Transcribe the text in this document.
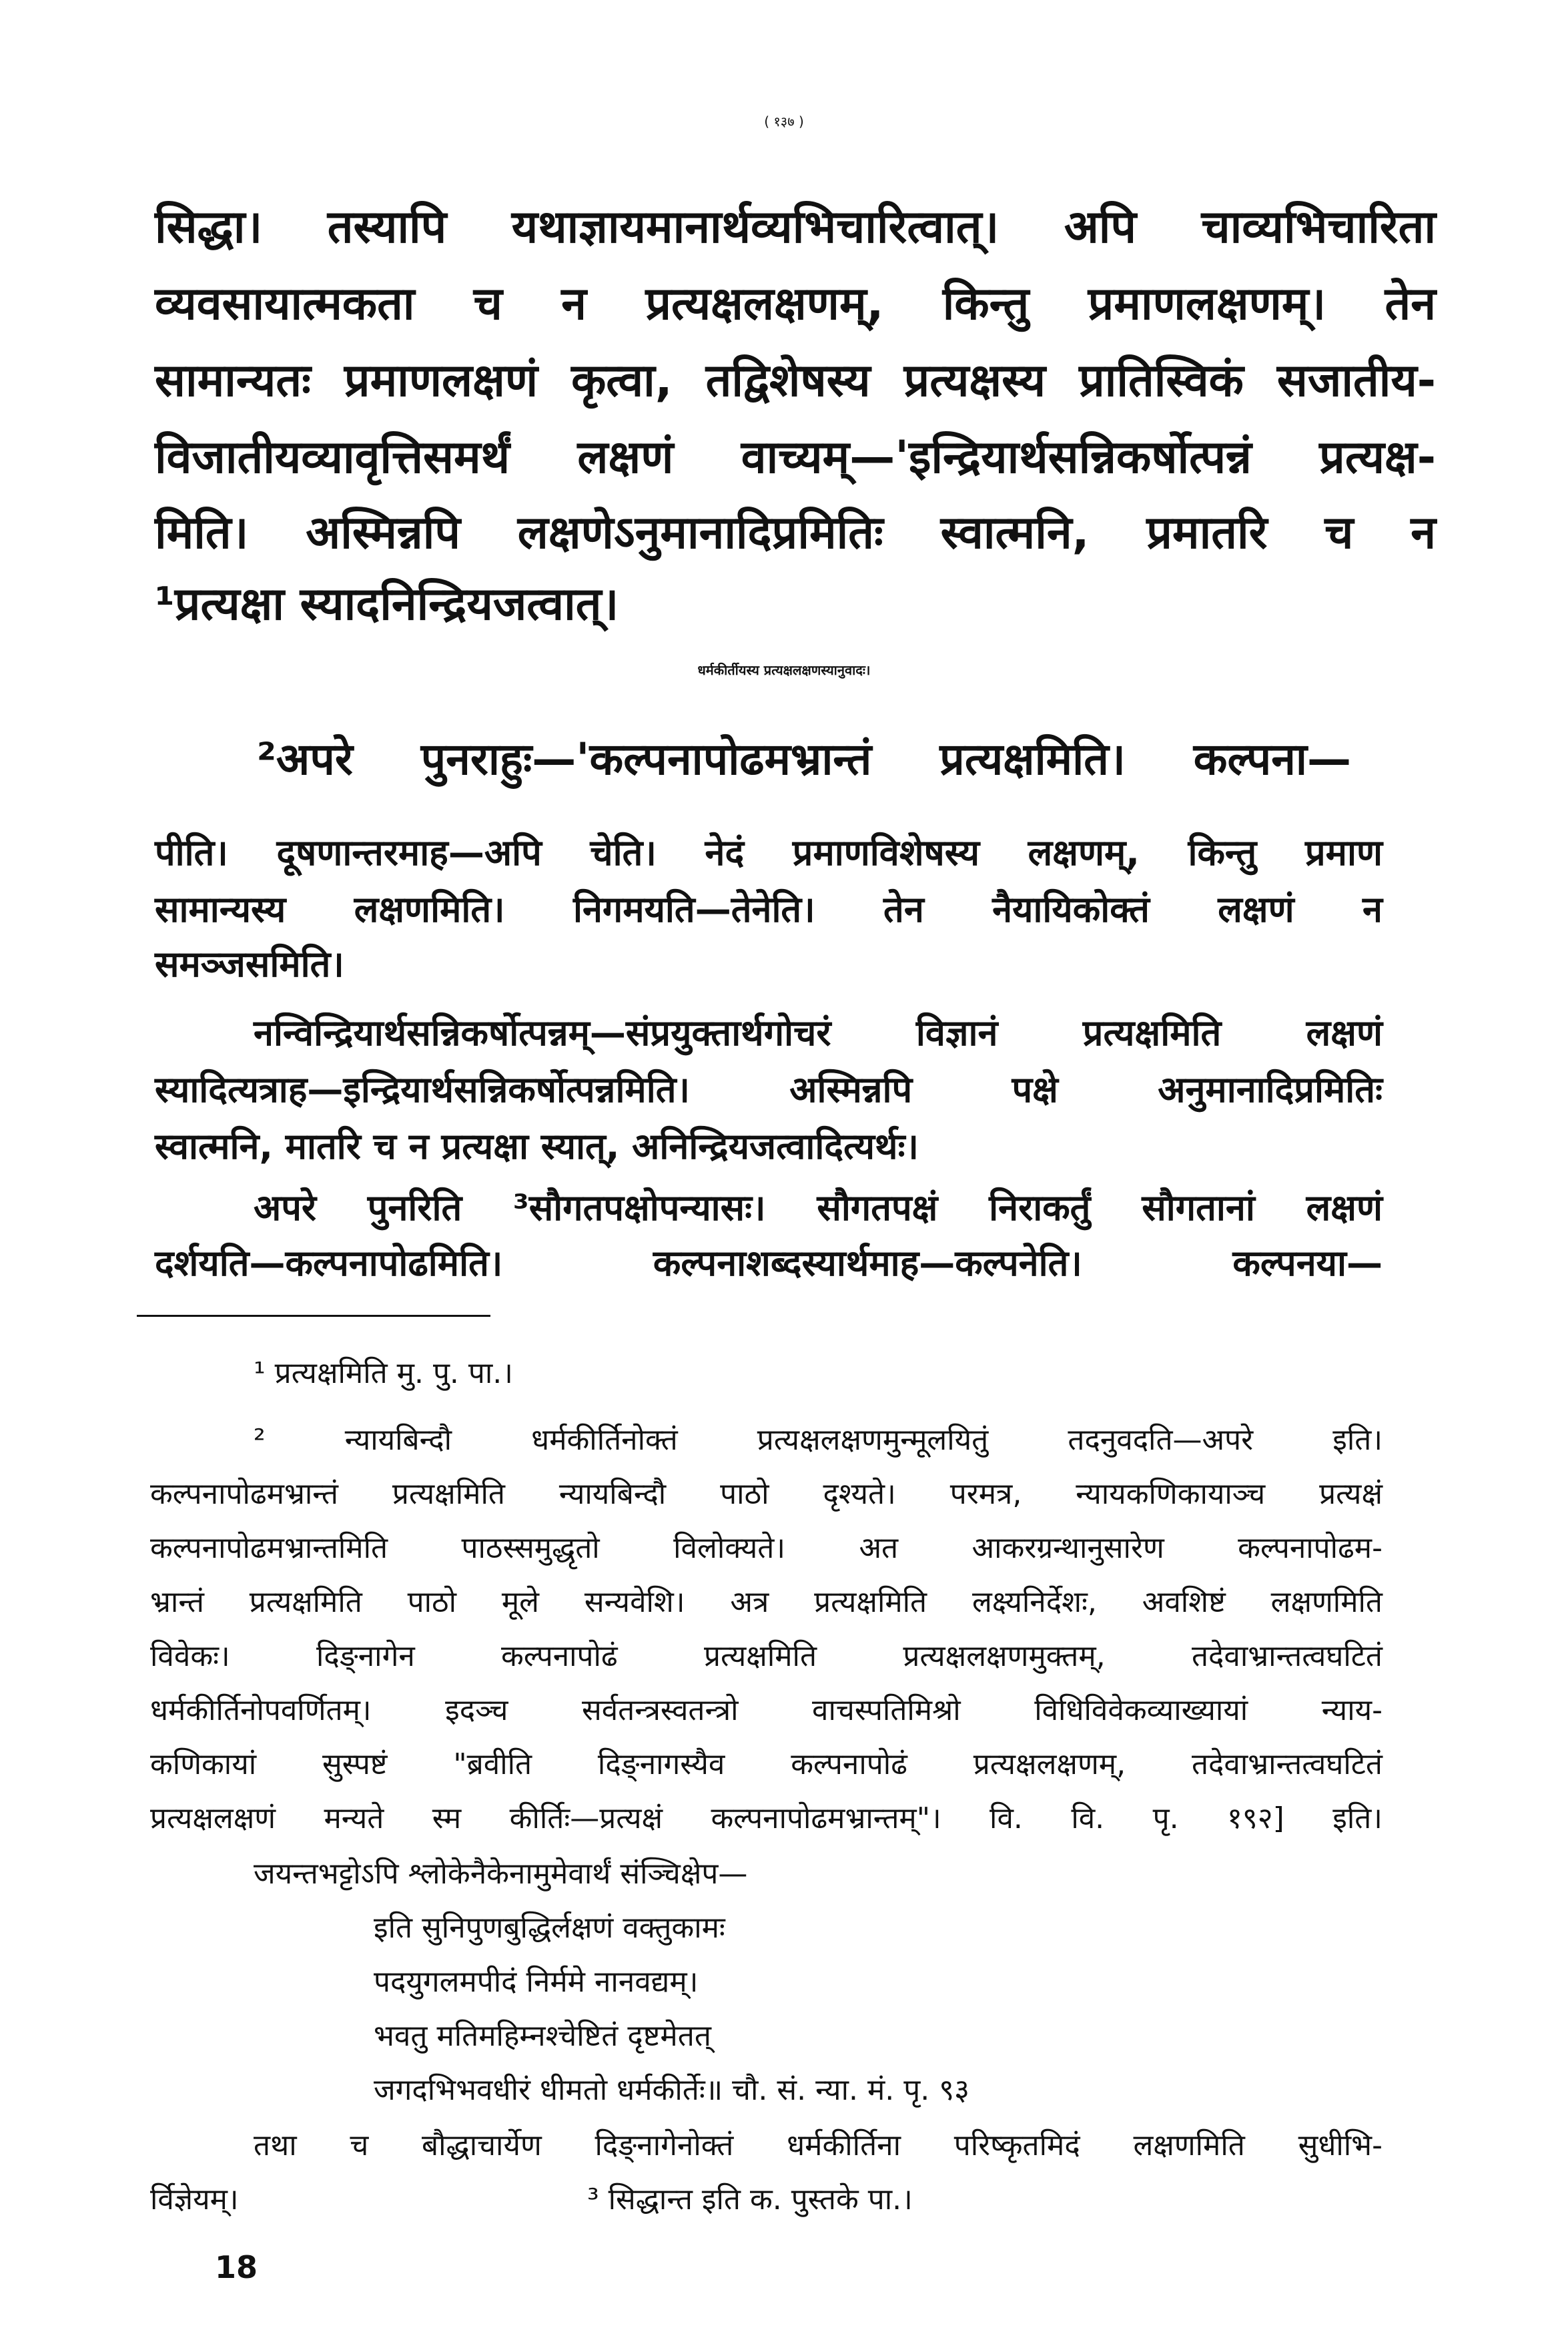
( १३७ )
सिद्धा। तस्यापि यथाज्ञायमानार्थव्यभिचारित्वात्। अपि चाव्यभिचारिता
व्यवसायात्मकता च न प्रत्यक्षलक्षणम्, किन्तु प्रमाणलक्षणम्। तेन
सामान्यतः प्रमाणलक्षणं कृत्वा, तद्विशेषस्य प्रत्यक्षस्य प्रातिस्विकं सजातीय-
विजातीयव्यावृत्तिसमर्थं लक्षणं वाच्यम्—'इन्द्रियार्थसन्निकर्षोत्पन्नं प्रत्यक्ष-
मिति। अस्मिन्नपि लक्षणेऽनुमानादिप्रमितिः स्वात्मनि, प्रमातरि च न
¹प्रत्यक्षा स्यादनिन्द्रियजत्वात्।
धर्मकीर्तीयस्य प्रत्यक्षलक्षणस्यानुवादः।
²अपरे पुनराहुः—'कल्पनापोढमभ्रान्तं प्रत्यक्षमिति। कल्पना—
पीति। दूषणान्तरमाह—अपि चेति। नेदं प्रमाणविशेषस्य लक्षणम्, किन्तु प्रमाण
सामान्यस्य लक्षणमिति। निगमयति—तेनेति। तेन नैयायिकोक्तं लक्षणं न
समञ्जसमिति।
नन्विन्द्रियार्थसन्निकर्षोत्पन्नम्—संप्रयुक्तार्थगोचरं विज्ञानं प्रत्यक्षमिति लक्षणं
स्यादित्यत्राह—इन्द्रियार्थसन्निकर्षोत्पन्नमिति। अस्मिन्नपि पक्षे अनुमानादिप्रमितिः
स्वात्मनि, मातरि च न प्रत्यक्षा स्यात्, अनिन्द्रियजत्वादित्यर्थः।
अपरे पुनरिति ³सौगतपक्षोपन्यासः। सौगतपक्षं निराकर्तुं सौगतानां लक्षणं
दर्शयति—कल्पनापोढमिति। कल्पनाशब्दस्यार्थमाह—कल्पनेति। कल्पनया—
¹ प्रत्यक्षमिति मु. पु. पा.।
² न्यायबिन्दौ धर्मकीर्तिनोक्तं प्रत्यक्षलक्षणमुन्मूलयितुं तदनुवदति—अपरे इति।
कल्पनापोढमभ्रान्तं प्रत्यक्षमिति न्यायबिन्दौ पाठो दृश्यते। परमत्र, न्यायकणिकायाञ्च प्रत्यक्षं
कल्पनापोढमभ्रान्तमिति पाठस्समुद्धृतो विलोक्यते। अत आकरग्रन्थानुसारेण कल्पनापोढम-
भ्रान्तं प्रत्यक्षमिति पाठो मूले सन्यवेशि। अत्र प्रत्यक्षमिति लक्ष्यनिर्देशः, अवशिष्टं लक्षणमिति
विवेकः। दिङ्नागेन कल्पनापोढं प्रत्यक्षमिति प्रत्यक्षलक्षणमुक्तम्, तदेवाभ्रान्तत्वघटितं
धर्मकीर्तिनोपवर्णितम्। इदञ्च सर्वतन्त्रस्वतन्त्रो वाचस्पतिमिश्रो विधिविवेकव्याख्यायां न्याय-
कणिकायां सुस्पष्टं "ब्रवीति दिङ्नागस्यैव कल्पनापोढं प्रत्यक्षलक्षणम्, तदेवाभ्रान्तत्वघटितं
प्रत्यक्षलक्षणं मन्यते स्म कीर्तिः—प्रत्यक्षं कल्पनापोढमभ्रान्तम्"। वि. वि. पृ. १९२] इति।
जयन्तभट्टोऽपि श्लोकेनैकेनामुमेवार्थं संञ्चिक्षेप—
इति सुनिपुणबुद्धिर्लक्षणं वक्तुकामः
पदयुगलमपीदं निर्ममे नानवद्यम्।
भवतु मतिमहिम्नश्चेष्टितं दृष्टमेतत्
जगदभिभवधीरं धीमतो धर्मकीर्तेः॥ चौ. सं. न्या. मं. पृ. ९३
तथा च बौद्धाचार्येण दिङ्नागेनोक्तं धर्मकीर्तिना परिष्कृतमिदं लक्षणमिति सुधीभि-
र्विज्ञेयम्।	³ सिद्धान्त इति क. पुस्तके पा.।
18
